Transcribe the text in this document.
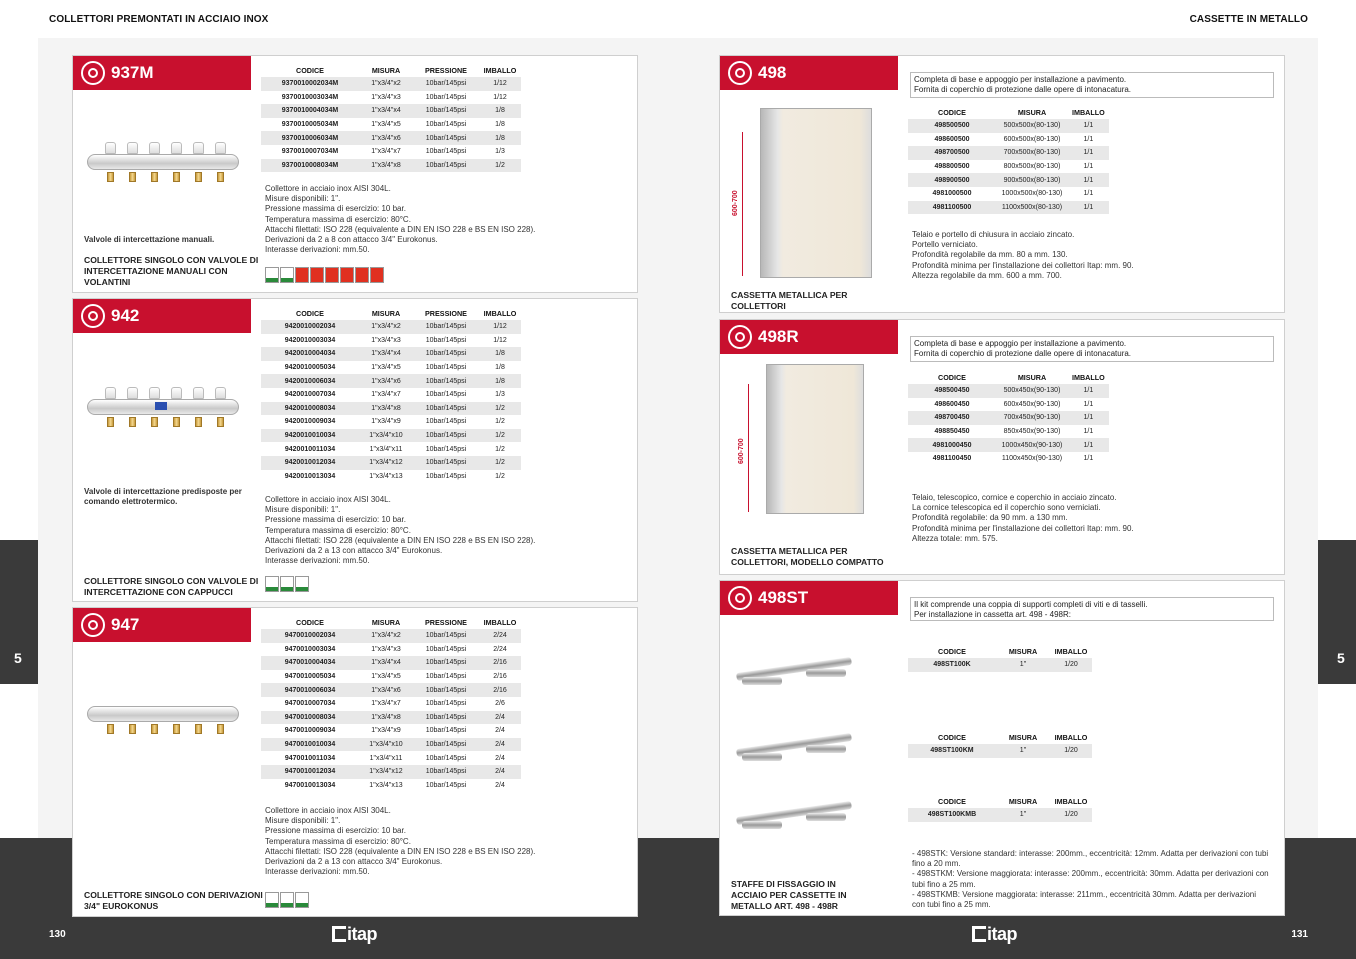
5	5
COLLETTORI PREMONTATI IN ACCIAIO INOX	CASSETTE IN METALLO
130	131
itap	itap
937M	CODICE	MISURA	PRESSIONE	IMBALLO
9370010002034M	1"x3/4"x2	10bar/145psi	1/12
9370010003034M	1"x3/4"x3	10bar/145psi	1/12
9370010004034M	1"x3/4"x4	10bar/145psi	1/8
9370010005034M	1"x3/4"x5	10bar/145psi	1/8
9370010006034M	1"x3/4"x6	10bar/145psi	1/8
9370010007034M	1"x3/4"x7	10bar/145psi	1/3
9370010008034M	1"x3/4"x8	10bar/145psi	1/2
Collettore in acciaio inox AISI 304L.
Misure disponibili: 1".
Pressione massima di esercizio: 10 bar.
Temperatura massima di esercizio: 80°C.
Attacchi filettati: ISO 228 (equivalente a DIN EN ISO 228 e BS EN ISO 228).
Derivazioni da 2 a 8 con attacco 3/4" Eurokonus.
Interasse derivazioni: mm.50.
Valvole di intercettazione manuali.
COLLETTORE SINGOLO CON VALVOLE DI INTERCETTAZIONE MANUALI CON VOLANTINI
942	CODICE	MISURA	PRESSIONE	IMBALLO
9420010002034	1"x3/4"x2	10bar/145psi	1/12
9420010003034	1"x3/4"x3	10bar/145psi	1/12
9420010004034	1"x3/4"x4	10bar/145psi	1/8
9420010005034	1"x3/4"x5	10bar/145psi	1/8
9420010006034	1"x3/4"x6	10bar/145psi	1/8
9420010007034	1"x3/4"x7	10bar/145psi	1/3
9420010008034	1"x3/4"x8	10bar/145psi	1/2
9420010009034	1"x3/4"x9	10bar/145psi	1/2
9420010010034	1"x3/4"x10	10bar/145psi	1/2
9420010011034	1"x3/4"x11	10bar/145psi	1/2
9420010012034	1"x3/4"x12	10bar/145psi	1/2
9420010013034	1"x3/4"x13	10bar/145psi	1/2
Valvole di intercettazione predisposte per comando elettrotermico.	Collettore in acciaio inox AISI 304L.
Misure disponibili: 1".
Pressione massima di esercizio: 10 bar.
Temperatura massima di esercizio: 80°C.
Attacchi filettati: ISO 228 (equivalente a DIN EN ISO 228 e BS EN ISO 228).
Derivazioni da 2 a 13 con attacco 3/4" Eurokonus.
Interasse derivazioni: mm.50.
COLLETTORE SINGOLO CON VALVOLE DI INTERCETTAZIONE CON CAPPUCCI
947	CODICE	MISURA	PRESSIONE	IMBALLO
9470010002034	1"x3/4"x2	10bar/145psi	2/24
9470010003034	1"x3/4"x3	10bar/145psi	2/24
9470010004034	1"x3/4"x4	10bar/145psi	2/16
9470010005034	1"x3/4"x5	10bar/145psi	2/16
9470010006034	1"x3/4"x6	10bar/145psi	2/16
9470010007034	1"x3/4"x7	10bar/145psi	2/6
9470010008034	1"x3/4"x8	10bar/145psi	2/4
9470010009034	1"x3/4"x9	10bar/145psi	2/4
9470010010034	1"x3/4"x10	10bar/145psi	2/4
9470010011034	1"x3/4"x11	10bar/145psi	2/4
9470010012034	1"x3/4"x12	10bar/145psi	2/4
9470010013034	1"x3/4"x13	10bar/145psi	2/4
Collettore in acciaio inox AISI 304L.
Misure disponibili: 1".
Pressione massima di esercizio: 10 bar.
Temperatura massima di esercizio: 80°C.
Attacchi filettati: ISO 228 (equivalente a DIN EN ISO 228 e BS EN ISO 228).
Derivazioni da 2 a 13 con attacco 3/4" Eurokonus.
Interasse derivazioni: mm.50.
COLLETTORE SINGOLO CON DERIVAZIONI 3/4" EUROKONUS
498
600-700
Completa di base e appoggio per installazione a pavimento.
Fornita di coperchio di protezione dalle opere di intonacatura.
CODICE	MISURA	IMBALLO
498500500	500x500x(80-130)	1/1
498600500	600x500x(80-130)	1/1
498700500	700x500x(80-130)	1/1
498800500	800x500x(80-130)	1/1
498900500	900x500x(80-130)	1/1
4981000500	1000x500x(80-130)	1/1
4981100500	1100x500x(80-130)	1/1
Telaio e portello di chiusura in acciaio zincato.
Portello verniciato.
Profondità regolabile da mm. 80 a mm. 130.
Profondità minima per l'installazione dei collettori Itap: mm. 90.
Altezza regolabile da mm. 600 a mm. 700.
CASSETTA METALLICA PER COLLETTORI
498R
600-700
Completa di base e appoggio per installazione a pavimento.
Fornita di coperchio di protezione dalle opere di intonacatura.
CODICE	MISURA	IMBALLO
498500450	500x450x(90-130)	1/1
498600450	600x450x(90-130)	1/1
498700450	700x450x(90-130)	1/1
498850450	850x450x(90-130)	1/1
4981000450	1000x450x(90-130)	1/1
4981100450	1100x450x(90-130)	1/1
Telaio, telescopico, cornice e coperchio in acciaio zincato.
La cornice telescopica ed il coperchio sono verniciati.
Profondità regolabile: da 90 mm. a 130 mm.
Profondità minima per l'installazione dei collettori Itap: mm. 90.
Altezza totale: mm. 575.
CASSETTA METALLICA PER COLLETTORI, MODELLO COMPATTO
498ST	Il kit comprende una coppia di supporti completi di viti e di tasselli.
Per installazione in cassetta art. 498 - 498R:
CODICE	MISURA	IMBALLO
498ST100K	1"	1/20
CODICE	MISURA	IMBALLO
498ST100KM	1"	1/20
CODICE	MISURA	IMBALLO
498ST100KMB	1"	1/20
- 498STK: Versione standard: interasse: 200mm., eccentricità: 12mm. Adatta per derivazioni con tubi fino a 20 mm.
- 498STKM: Versione maggiorata: interasse: 200mm., eccentricità: 30mm. Adatta per derivazioni con tubi fino a 25 mm.
- 498STKMB: Versione maggiorata: interasse: 211mm., eccentricità 30mm. Adatta per derivazioni con tubi fino a 25 mm.
STAFFE DI FISSAGGIO IN ACCIAIO PER CASSETTE IN METALLO ART. 498 - 498R
